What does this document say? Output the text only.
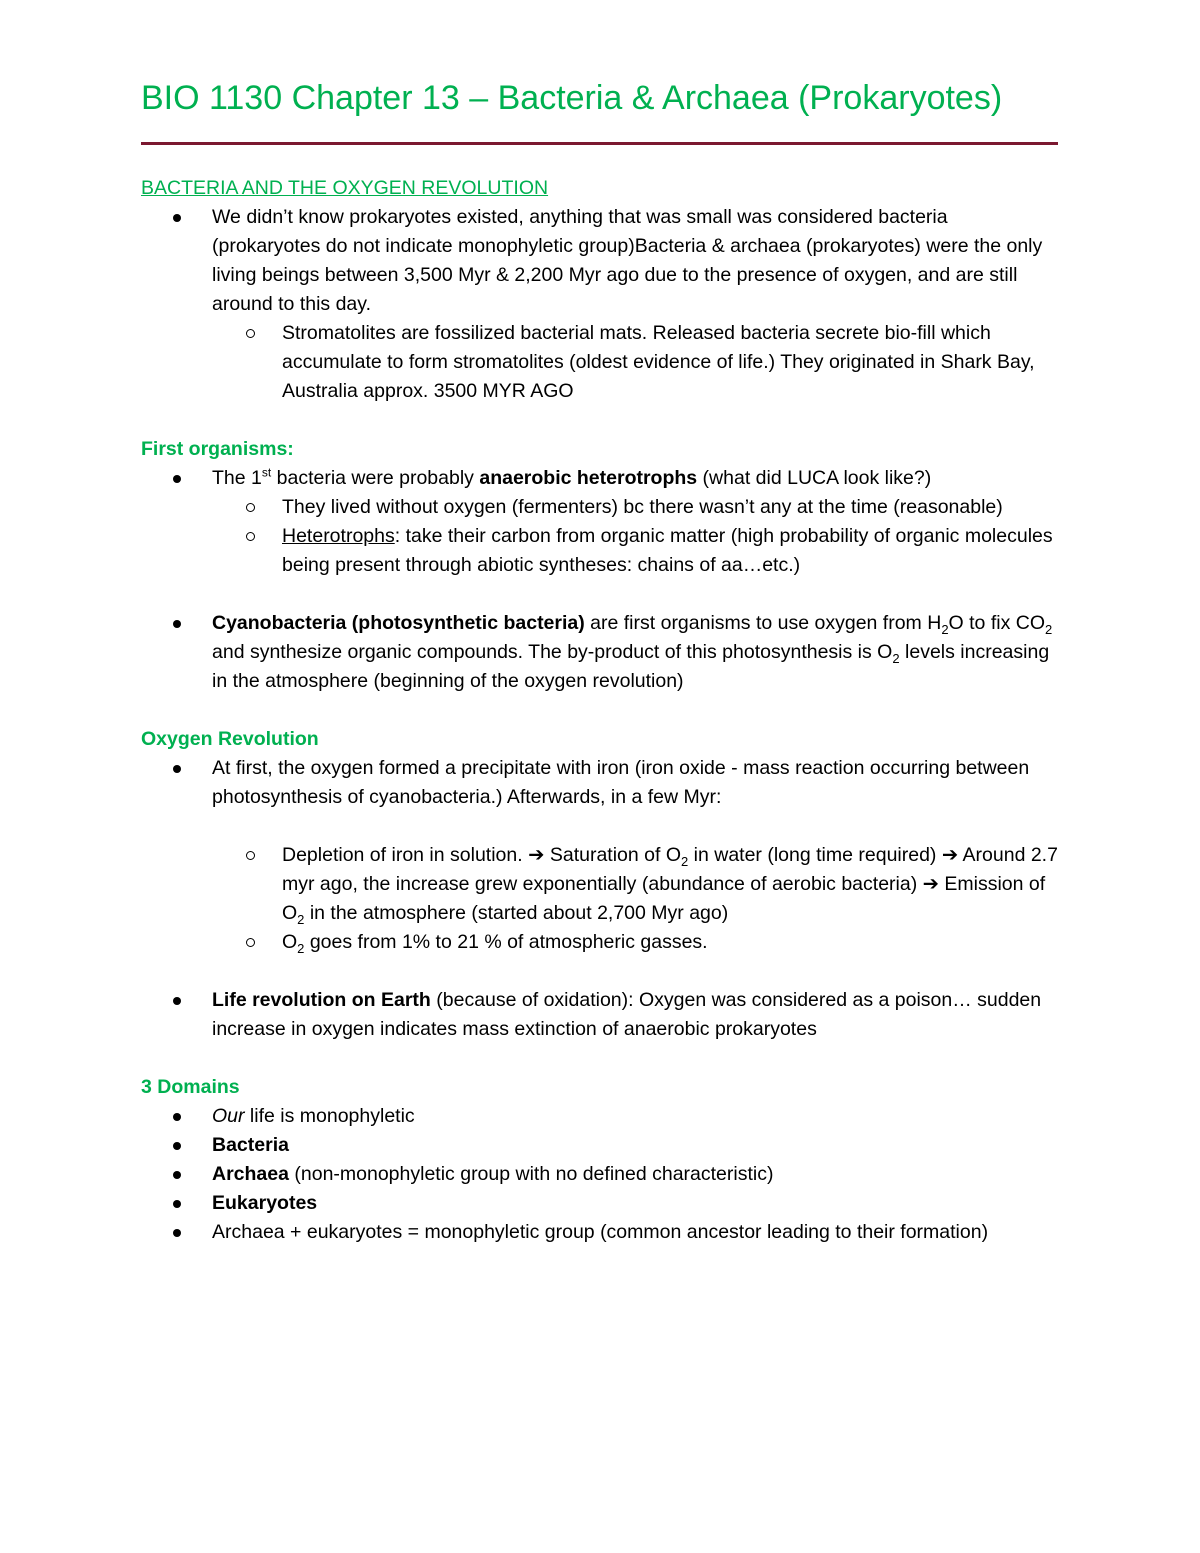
BIO 1130 Chapter 13 – Bacteria & Archaea (Prokaryotes)

BACTERIA AND THE OXYGEN REVOLUTION

We didn’t know prokaryotes existed, anything that was small was considered bacteria (prokaryotes do not indicate monophyletic group)Bacteria & archaea (prokaryotes) were the only living beings between 3,500 Myr & 2,200 Myr ago due to the presence of oxygen, and are still around to this day.
Stromatolites are fossilized bacterial mats. Released bacteria secrete bio-fill which accumulate to form stromatolites (oldest evidence of life.) They originated in Shark Bay, Australia approx. 3500 MYR AGO

First organisms:

The 1st bacteria were probably anaerobic heterotrophs (what did LUCA look like?)
They lived without oxygen (fermenters) bc there wasn’t any at the time (reasonable)
Heterotrophs: take their carbon from organic matter (high probability of organic molecules being present through abiotic syntheses: chains of aa…etc.)
Cyanobacteria (photosynthetic bacteria) are first organisms to use oxygen from $H_2O$ to fix $CO_2$ and synthesize organic compounds. The by-product of this photosynthesis is $O_2$ levels increasing in the atmosphere (beginning of the oxygen revolution)

Oxygen Revolution

At first, the oxygen formed a precipitate with iron (iron oxide - mass reaction occurring between photosynthesis of cyanobacteria.) Afterwards, in a few Myr:
Depletion of iron in solution. ➔ Saturation of $O_2$ in water (long time required) ➔ Around 2.7 myr ago, the increase grew exponentially (abundance of aerobic bacteria) ➔ Emission of $O_2$ in the atmosphere (started about 2,700 Myr ago)
$O_2$ goes from 1% to 21 % of atmospheric gasses.
Life revolution on Earth (because of oxidation): Oxygen was considered as a poison… sudden increase in oxygen indicates mass extinction of anaerobic prokaryotes

3 Domains

Our life is monophyletic
Bacteria
Archaea (non-monophyletic group with no defined characteristic)
Eukaryotes
Archaea + eukaryotes = monophyletic group (common ancestor leading to their formation)
